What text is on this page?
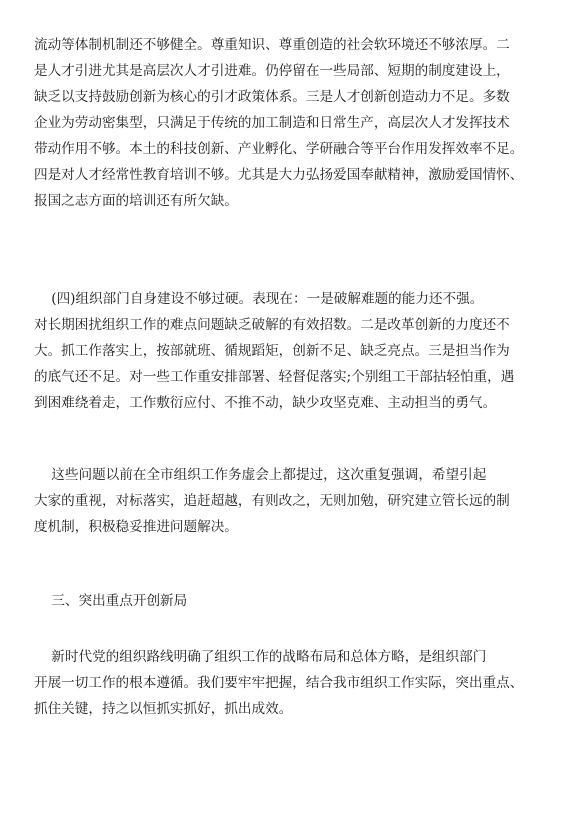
流动等体制机制还不够健全。尊重知识、尊重创造的社会软环境还不够浓厚。二
是人才引进尤其是高层次人才引进难。仍停留在一些局部、短期的制度建设上，
缺乏以支持鼓励创新为核心的引才政策体系。三是人才创新创造动力不足。多数
企业为劳动密集型，只满足于传统的加工制造和日常生产，高层次人才发挥技术
带动作用不够。本土的科技创新、产业孵化、学研融合等平台作用发挥效率不足。
四是对人才经常性教育培训不够。尤其是大力弘扬爱国奉献精神，激励爱国情怀、
报国之志方面的培训还有所欠缺。
(四)组织部门自身建设不够过硬。表现在：一是破解难题的能力还不强。
对长期困扰组织工作的难点问题缺乏破解的有效招数。二是改革创新的力度还不
大。抓工作落实上，按部就班、循规蹈矩，创新不足、缺乏亮点。三是担当作为
的底气还不足。对一些工作重安排部署、轻督促落实;个别组工干部拈轻怕重，遇
到困难绕着走，工作敷衍应付、不推不动，缺少攻坚克难、主动担当的勇气。
这些问题以前在全市组织工作务虚会上都提过，这次重复强调，希望引起
大家的重视，对标落实，追赶超越，有则改之，无则加勉，研究建立管长远的制
度机制，积极稳妥推进问题解决。
三、突出重点开创新局
新时代党的组织路线明确了组织工作的战略布局和总体方略，是组织部门
开展一切工作的根本遵循。我们要牢牢把握，结合我市组织工作实际，突出重点、
抓住关键，持之以恒抓实抓好，抓出成效。
